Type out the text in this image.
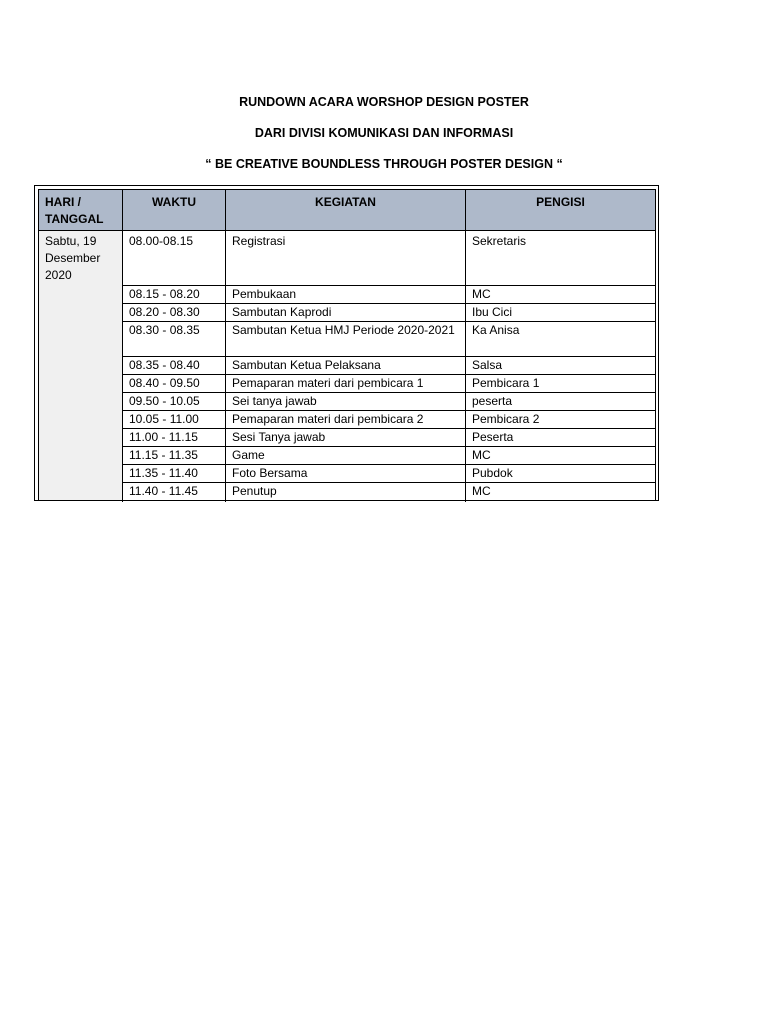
RUNDOWN ACARA WORSHOP DESIGN POSTER
DARI DIVISI KOMUNIKASI DAN INFORMASI
“ BE CREATIVE BOUNDLESS THROUGH POSTER DESIGN “
HARI / TANGGAL	WAKTU	KEGIATAN	PENGISI
Sabtu, 19 Desember 2020	08.00-08.15	Registrasi	Sekretaris
	08.15 - 08.20	Pembukaan	MC
	08.20 - 08.30	Sambutan Kaprodi	Ibu Cici
	08.30 - 08.35	Sambutan Ketua HMJ Periode 2020-2021	Ka Anisa
	08.35 - 08.40	Sambutan Ketua Pelaksana	Salsa
	08.40 - 09.50	Pemaparan materi dari pembicara 1	Pembicara 1
	09.50 - 10.05	Sei tanya jawab	peserta
	10.05 - 11.00	Pemaparan materi dari pembicara 2	Pembicara 2
	11.00 - 11.15	Sesi Tanya jawab	Peserta
	11.15 - 11.35	Game	MC
	11.35 - 11.40	Foto Bersama	Pubdok
	11.40 - 11.45	Penutup	MC
